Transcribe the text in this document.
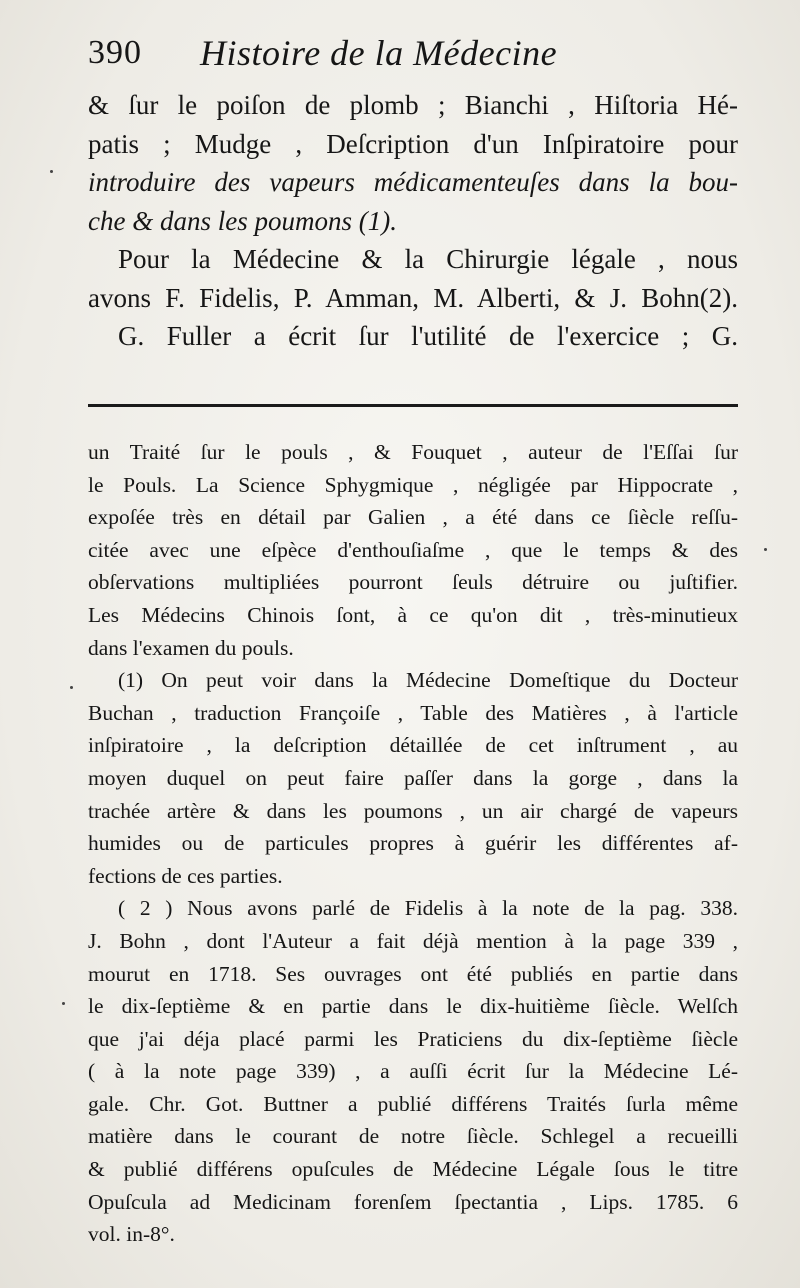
390 Histoire de la Médecine
& ſur le poiſon de plomb ; Bianchi , Hiſtoria Hé-
patis ; Mudge , Deſcription d'un Inſpiratoire pour
introduire des vapeurs médicamenteuſes dans la bou-
che & dans les poumons (1).
Pour la Médecine & la Chirurgie légale , nous
avons F. Fidelis, P. Amman, M. Alberti, & J. Bohn(2).
G. Fuller a écrit ſur l'utilité de l'exercice ; G.
un Traité ſur le pouls , & Fouquet , auteur de l'Eſſai ſur
le Pouls. La Science Sphygmique , négligée par Hippocrate ,
expoſée très en détail par Galien , a été dans ce ſiècle reſſu-
citée avec une eſpèce d'enthouſiaſme , que le temps & des
obſervations multipliées pourront ſeuls détruire ou juſtifier.
Les Médecins Chinois ſont, à ce qu'on dit , très-minutieux
dans l'examen du pouls.
(1) On peut voir dans la Médecine Domeſtique du Docteur
Buchan , traduction Françoiſe , Table des Matières , à l'article
inſpiratoire , la deſcription détaillée de cet inſtrument , au
moyen duquel on peut faire paſſer dans la gorge , dans la
trachée artère & dans les poumons , un air chargé de vapeurs
humides ou de particules propres à guérir les différentes af-
fections de ces parties.
( 2 ) Nous avons parlé de Fidelis à la note de la pag. 338.
J. Bohn , dont l'Auteur a fait déjà mention à la page 339 ,
mourut en 1718. Ses ouvrages ont été publiés en partie dans
le dix-ſeptième & en partie dans le dix-huitième ſiècle. Welſch
que j'ai déja placé parmi les Praticiens du dix-ſeptième ſiècle
( à la note page 339) , a auſſi écrit ſur la Médecine Lé-
gale. Chr. Got. Buttner a publié différens Traités ſurla même
matière dans le courant de notre ſiècle. Schlegel a recueilli
& publié différens opuſcules de Médecine Légale ſous le titre
Opuſcula ad Medicinam forenſem ſpectantia , Lips. 1785. 6
vol. in-8°.
